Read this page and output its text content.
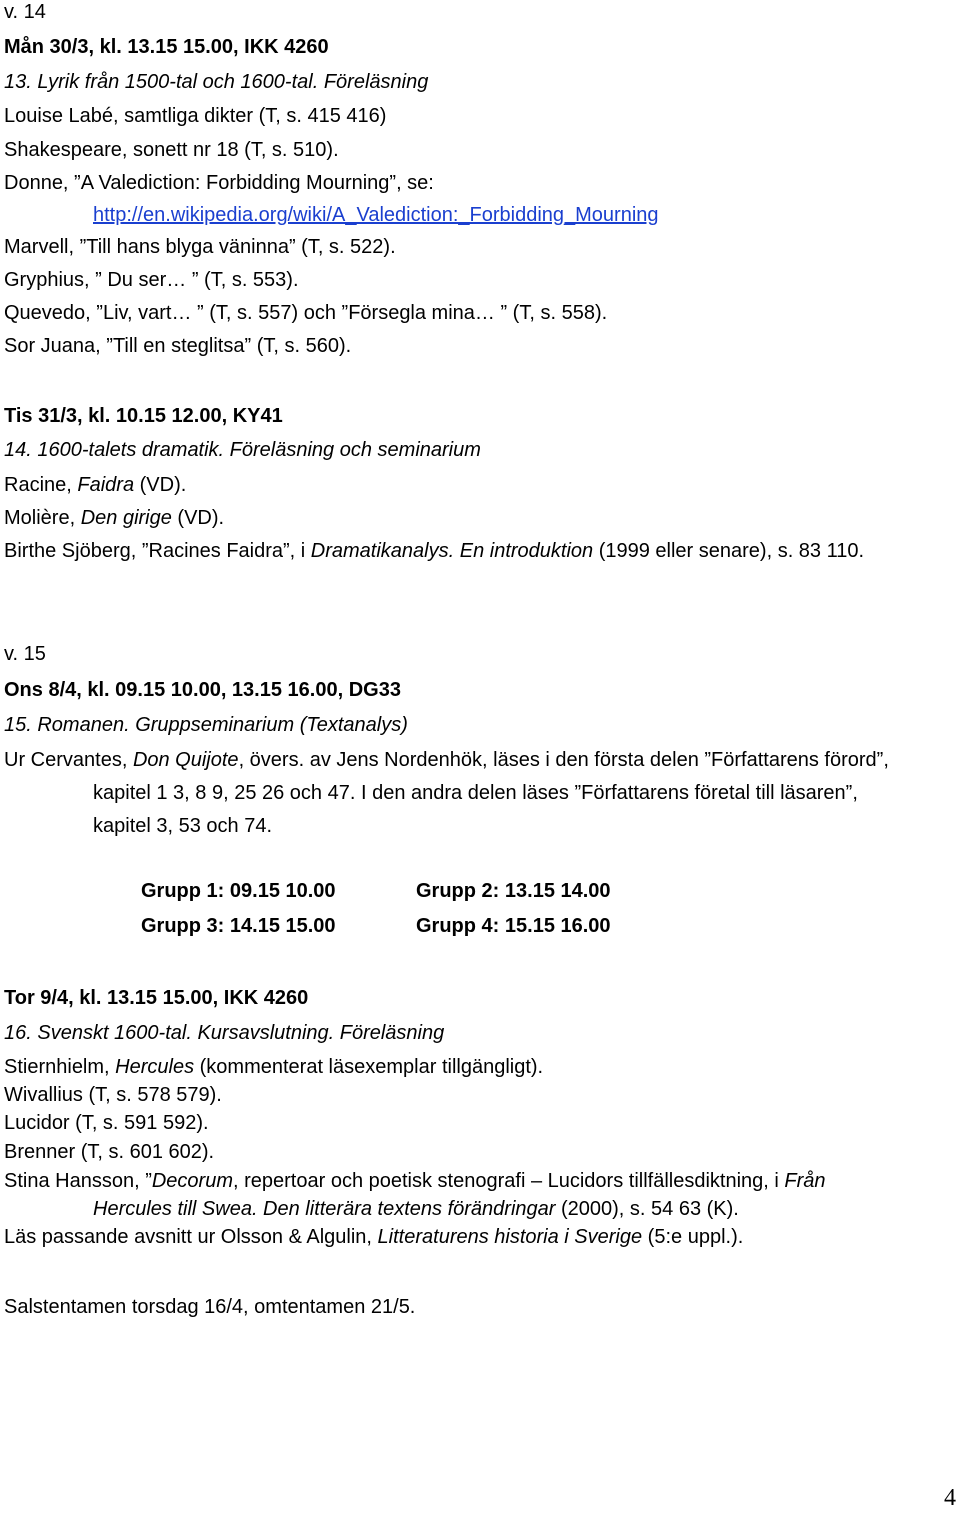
v. 14
Mån 30/3, kl. 13.15 15.00, IKK 4260
13. Lyrik från 1500-tal och 1600-tal. Föreläsning
Louise Labé, samtliga dikter (T, s. 415 416)
Shakespeare, sonett nr 18 (T, s. 510).
Donne, ”A Valediction: Forbidding Mourning”, se:
http://en.wikipedia.org/wiki/A_Valediction:_Forbidding_Mourning
Marvell, ”Till hans blyga väninna” (T, s. 522).
Gryphius, ” Du ser… ” (T, s. 553).
Quevedo, ”Liv, vart… ” (T, s. 557) och ”Försegla mina… ” (T, s. 558).
Sor Juana, ”Till en steglitsa” (T, s. 560).
Tis 31/3, kl. 10.15 12.00, KY41
14. 1600-talets dramatik. Föreläsning och seminarium
Racine, Faidra (VD).
Molière, Den girige (VD).
Birthe Sjöberg, ”Racines Faidra”, i Dramatikanalys. En introduktion (1999 eller senare), s. 83 110.
v. 15
Ons 8/4, kl. 09.15 10.00, 13.15 16.00, DG33
15. Romanen. Gruppseminarium (Textanalys)
Ur Cervantes, Don Quijote, övers. av Jens Nordenhök, läses i den första delen ”Författarens förord”,
kapitel 1 3, 8 9, 25 26 och 47. I den andra delen läses ”Författarens företal till läsaren”,
kapitel 3, 53 och 74.
Grupp 1: 09.15 10.00	Grupp 2: 13.15 14.00
Grupp 3: 14.15 15.00	Grupp 4: 15.15 16.00
Tor 9/4, kl. 13.15 15.00, IKK 4260
16. Svenskt 1600-tal. Kursavslutning. Föreläsning
Stiernhielm, Hercules (kommenterat läsexemplar tillgängligt).
Wivallius (T, s. 578 579).
Lucidor (T, s. 591 592).
Brenner (T, s. 601 602).
Stina Hansson, ”Decorum, repertoar och poetisk stenografi – Lucidors tillfällesdiktning, i Från
Hercules till Swea. Den litterära textens förändringar (2000), s. 54 63 (K).
Läs passande avsnitt ur Olsson & Algulin, Litteraturens historia i Sverige (5:e uppl.).
Salstentamen torsdag 16/4, omtentamen 21/5.
4
